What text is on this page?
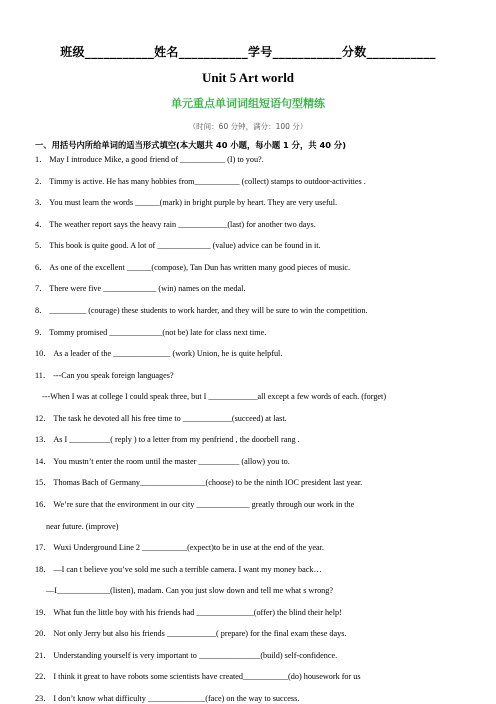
班级___________姓名___________学号___________分数___________
Unit 5 Art world
单元重点单词词组短语句型精练
（时间：60 分钟，满分：100 分）
一、用括号内所给单词的适当形式填空(本大题共 40 小题，每小题 1 分，共 40 分)
1． May I introduce Mike, a good friend of ___________ (I) to you?.
2． Timmy is active. He has many hobbies from___________ (collect) stamps to outdoor-activities .
3． You must learn the words ______(mark) in bright purple by heart. They are very useful.
4． The weather report says the heavy rain ____________(last) for another two days.
5． This book is quite good. A lot of _____________ (value) advice can be found in it.
6． As one of the excellent ______(compose), Tan Dun has written many good pieces of music.
7． There were five _____________ (win) names on the medal.
8． _________ (courage) these students to work harder, and they will be sure to win the competition.
9． Tommy promised _____________(not be) late for class next time.
10． As a leader of the ______________ (work) Union, he is quite helpful.
11． ---Can you speak foreign languages?
---When I was at college I could speak three, but I ____________all except a few words of each. (forget)
12． The task he devoted all his free time to ____________(succeed) at last.
13． As I __________( reply ) to a letter from my penfriend , the doorbell rang .
14． You mustn’t enter the room until the master __________ (allow) you to.
15． Thomas Bach of Germany________________(choose) to be the ninth IOC president last year.
16． We’re sure that the environment in our city _____________ greatly through our work in the
near future. (improve)
17． Wuxi Underground Line 2 ___________(expect)to be in use at the end of the year.
18． —I can t believe you’ve sold me such a terrible camera. I want my money back…
—I_____________(listen), madam. Can you just slow down and tell me what s wrong?
19． What fun the little boy with his friends had ______________(offer) the blind their help!
20． Not only Jerry but also his friends ____________( prepare) for the final exam these days.
21． Understanding yourself is very important to _______________(build) self-confidence.
22． I think it great to have robots some scientists have created___________(do) housework for us
23． I don’t know what difficulty ______________(face) on the way to success.
